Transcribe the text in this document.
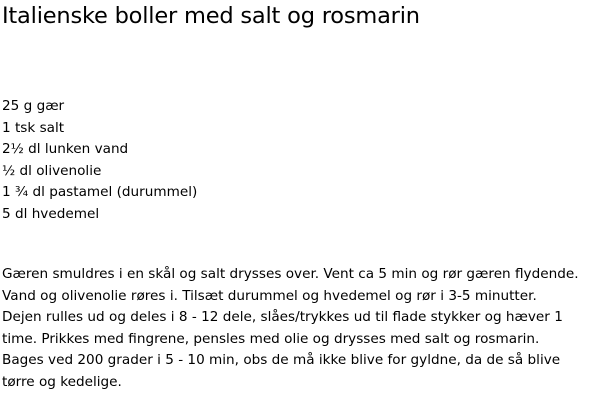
Italienske boller med salt og rosmarin
25 g gær
1 tsk salt
2½ dl lunken vand
½ dl olivenolie
1 ¾ dl pastamel (durummel)
5 dl hvedemel
Gæren smuldres i en skål og salt drysses over. Vent ca 5 min og rør gæren flydende.
Vand og olivenolie røres i. Tilsæt durummel og hvedemel og rør i 3-5 minutter.
Dejen rulles ud og deles i 8 - 12 dele, slåes/trykkes ud til flade stykker og hæver 1
time. Prikkes med fingrene, pensles med olie og drysses med salt og rosmarin.
Bages ved 200 grader i 5 - 10 min, obs de må ikke blive for gyldne, da de så blive
tørre og kedelige.
